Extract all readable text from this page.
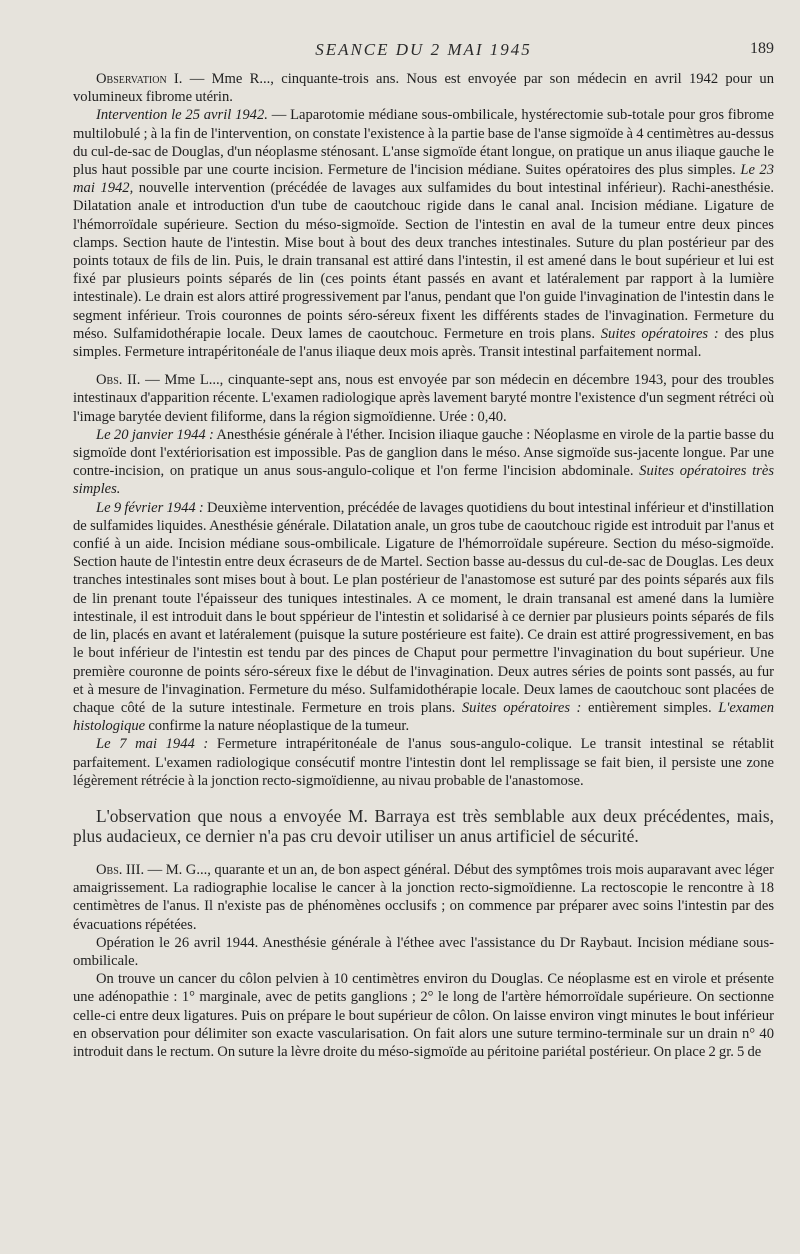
SEANCE DU 2 MAI 1945	189

Observation I. — Mme R..., cinquante-trois ans. Nous est envoyée par son médecin en avril 1942 pour un volumineux fibrome utérin.

Intervention le 25 avril 1942. — Laparotomie médiane sous-ombilicale, hystérectomie sub-totale pour gros fibrome multilobulé ; à la fin de l'intervention, on constate l'existence à la partie base de l'anse sigmoïde à 4 centimètres au-dessus du cul-de-sac de Douglas, d'un néoplasme sténosant. L'anse sigmoïde étant longue, on pratique un anus iliaque gauche le plus haut possible par une courte incision. Fermeture de l'incision médiane. Suites opératoires des plus simples. Le 23 mai 1942, nouvelle intervention (précédée de lavages aux sulfamides du bout intestinal inférieur). Rachi-anesthésie. Dilatation anale et introduction d'un tube de caoutchouc rigide dans le canal anal. Incision médiane. Ligature de l'hémorroïdale supérieure. Section du méso-sigmoïde. Section de l'intestin en aval de la tumeur entre deux pinces clamps. Section haute de l'intestin. Mise bout à bout des deux tranches intestinales. Suture du plan postérieur par des points totaux de fils de lin. Puis, le drain transanal est attiré dans l'intestin, il est amené dans le bout supérieur et lui est fixé par plusieurs points séparés de lin (ces points étant passés en avant et latéralement par rapport à la lumière intestinale). Le drain est alors attiré progressivement par l'anus, pendant que l'on guide l'invagination de l'intestin dans le segment inférieur. Trois couronnes de points séro-séreux fixent les différents stades de l'invagination. Fermeture du méso. Sulfamidothérapie locale. Deux lames de caoutchouc. Fermeture en trois plans. Suites opératoires : des plus simples. Fermeture intrapéritonéale de l'anus iliaque deux mois après. Transit intestinal parfaitement normal.

Obs. II. — Mme L..., cinquante-sept ans, nous est envoyée par son médecin en décembre 1943, pour des troubles intestinaux d'apparition récente. L'examen radiologique après lavement baryté montre l'existence d'un segment rétréci où l'image barytée devient filiforme, dans la région sigmoïdienne. Urée : 0,40.

Le 20 janvier 1944 : Anesthésie générale à l'éther. Incision iliaque gauche : Néoplasme en virole de la partie basse du sigmoïde dont l'extériorisation est impossible. Pas de ganglion dans le méso. Anse sigmoïde sus-jacente longue. Par une contre-incision, on pratique un anus sous-angulo-colique et l'on ferme l'incision abdominale. Suites opératoires très simples.

Le 9 février 1944 : Deuxième intervention, précédée de lavages quotidiens du bout intestinal inférieur et d'instillation de sulfamides liquides. Anesthésie générale. Dilatation anale, un gros tube de caoutchouc rigide est introduit par l'anus et confié à un aide. Incision médiane sous-ombilicale. Ligature de l'hémorroïdale supéreure. Section du méso-sigmoïde. Section haute de l'intestin entre deux écraseurs de de Martel. Section basse au-dessus du cul-de-sac de Douglas. Les deux tranches intestinales sont mises bout à bout. Le plan postérieur de l'anastomose est suturé par des points séparés aux fils de lin prenant toute l'épaisseur des tuniques intestinales. A ce moment, le drain transanal est amené dans la lumière intestinale, il est introduit dans le bout sppérieur de l'intestin et solidarisé à ce dernier par plusieurs points séparés de fils de lin, placés en avant et latéralement (puisque la suture postérieure est faite). Ce drain est attiré progressivement, en bas le bout inférieur de l'intestin est tendu par des pinces de Chaput pour permettre l'invagination du bout supérieur. Une première couronne de points séro-séreux fixe le début de l'invagination. Deux autres séries de points sont passés, au fur et à mesure de l'invagination. Fermeture du méso. Sulfamidothérapie locale. Deux lames de caoutchouc sont placées de chaque côté de la suture intestinale. Fermeture en trois plans. Suites opératoires : entièrement simples. L'examen histologique confirme la nature néoplastique de la tumeur.

Le 7 mai 1944 : Fermeture intrapéritonéale de l'anus sous-angulo-colique. Le transit intestinal se rétablit parfaitement. L'examen radiologique consécutif montre l'intestin dont lel remplissage se fait bien, il persiste une zone légèrement rétrécie à la jonction recto-sigmoïdienne, au nivau probable de l'anastomose.

L'observation que nous a envoyée M. Barraya est très semblable aux deux précédentes, mais, plus audacieux, ce dernier n'a pas cru devoir utiliser un anus artificiel de sécurité.

Obs. III. — M. G..., quarante et un an, de bon aspect général. Début des symptômes trois mois auparavant avec léger amaigrissement. La radiographie localise le cancer à la jonction recto-sigmoïdienne. La rectoscopie le rencontre à 18 centimètres de l'anus. Il n'existe pas de phénomènes occlusifs ; on commence par préparer avec soins l'intestin par des évacuations répétées.

Opération le 26 avril 1944. Anesthésie générale à l'éthee avec l'assistance du Dr Raybaut. Incision médiane sous-ombilicale.

On trouve un cancer du côlon pelvien à 10 centimètres environ du Douglas. Ce néoplasme est en virole et présente une adénopathie : 1° marginale, avec de petits ganglions ; 2° le long de l'artère hémorroïdale supérieure. On sectionne celle-ci entre deux ligatures. Puis on prépare le bout supérieur de côlon. On laisse environ vingt minutes le bout inférieur en observation pour délimiter son exacte vascularisation. On fait alors une suture termino-terminale sur un drain n° 40 introduit dans le rectum. On suture la lèvre droite du méso-sigmoïde au péritoine pariétal postérieur. On place 2 gr. 5 de
